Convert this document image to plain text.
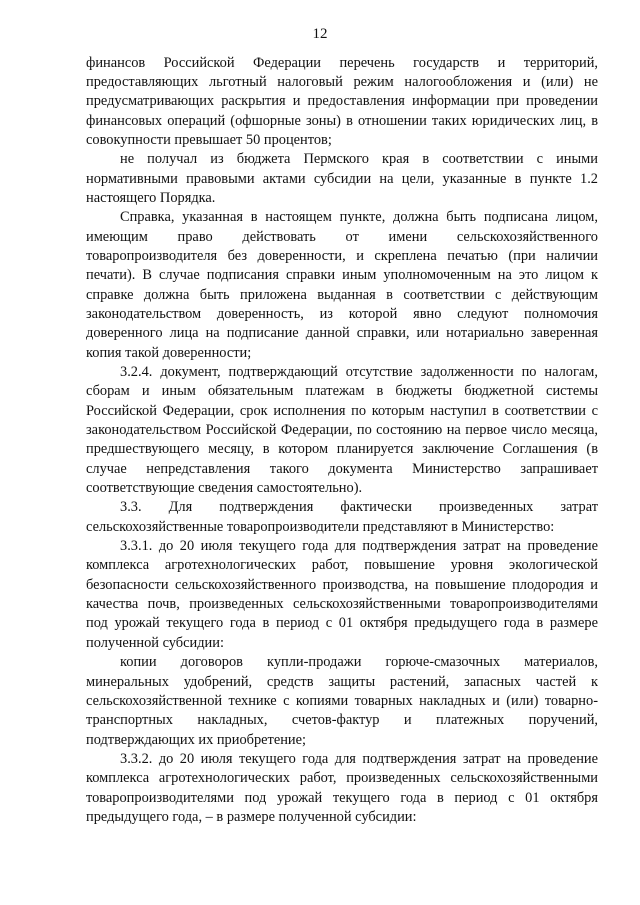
12

финансов Российской Федерации перечень государств и территорий, предоставляющих льготный налоговый режим налогообложения и (или) не предусматривающих раскрытия и предоставления информации при проведении финансовых операций (офшорные зоны) в отношении таких юридических лиц, в совокупности превышает 50 процентов;

не получал из бюджета Пермского края в соответствии с иными нормативными правовыми актами субсидии на цели, указанные в пункте 1.2 настоящего Порядка.

Справка, указанная в настоящем пункте, должна быть подписана лицом, имеющим право действовать от имени сельскохозяйственного товаропроизводителя без доверенности, и скреплена печатью (при наличии печати). В случае подписания справки иным уполномоченным на это лицом к справке должна быть приложена выданная в соответствии с действующим законодательством доверенность, из которой явно следуют полномочия доверенного лица на подписание данной справки, или нотариально заверенная копия такой доверенности;

3.2.4. документ, подтверждающий отсутствие задолженности по налогам, сборам и иным обязательным платежам в бюджеты бюджетной системы Российской Федерации, срок исполнения по которым наступил в соответствии с законодательством Российской Федерации, по состоянию на первое число месяца, предшествующего месяцу, в котором планируется заключение Соглашения (в случае непредставления такого документа Министерство запрашивает соответствующие сведения самостоятельно).

3.3. Для подтверждения фактически произведенных затрат сельскохозяйственные товаропроизводители представляют в Министерство:

3.3.1. до 20 июля текущего года для подтверждения затрат на проведение комплекса агротехнологических работ, повышение уровня экологической безопасности сельскохозяйственного производства, на повышение плодородия и качества почв, произведенных сельскохозяйственными товаропроизводителями под урожай текущего года в период с 01 октября предыдущего года в размере полученной субсидии:

копии договоров купли-продажи горюче-смазочных материалов, минеральных удобрений, средств защиты растений, запасных частей к сельскохозяйственной технике с копиями товарных накладных и (или) товарно-транспортных накладных, счетов-фактур и платежных поручений, подтверждающих их приобретение;

3.3.2. до 20 июля текущего года для подтверждения затрат на проведение комплекса агротехнологических работ, произведенных сельскохозяйственными товаропроизводителями под урожай текущего года в период с 01 октября предыдущего года, – в размере полученной субсидии:
